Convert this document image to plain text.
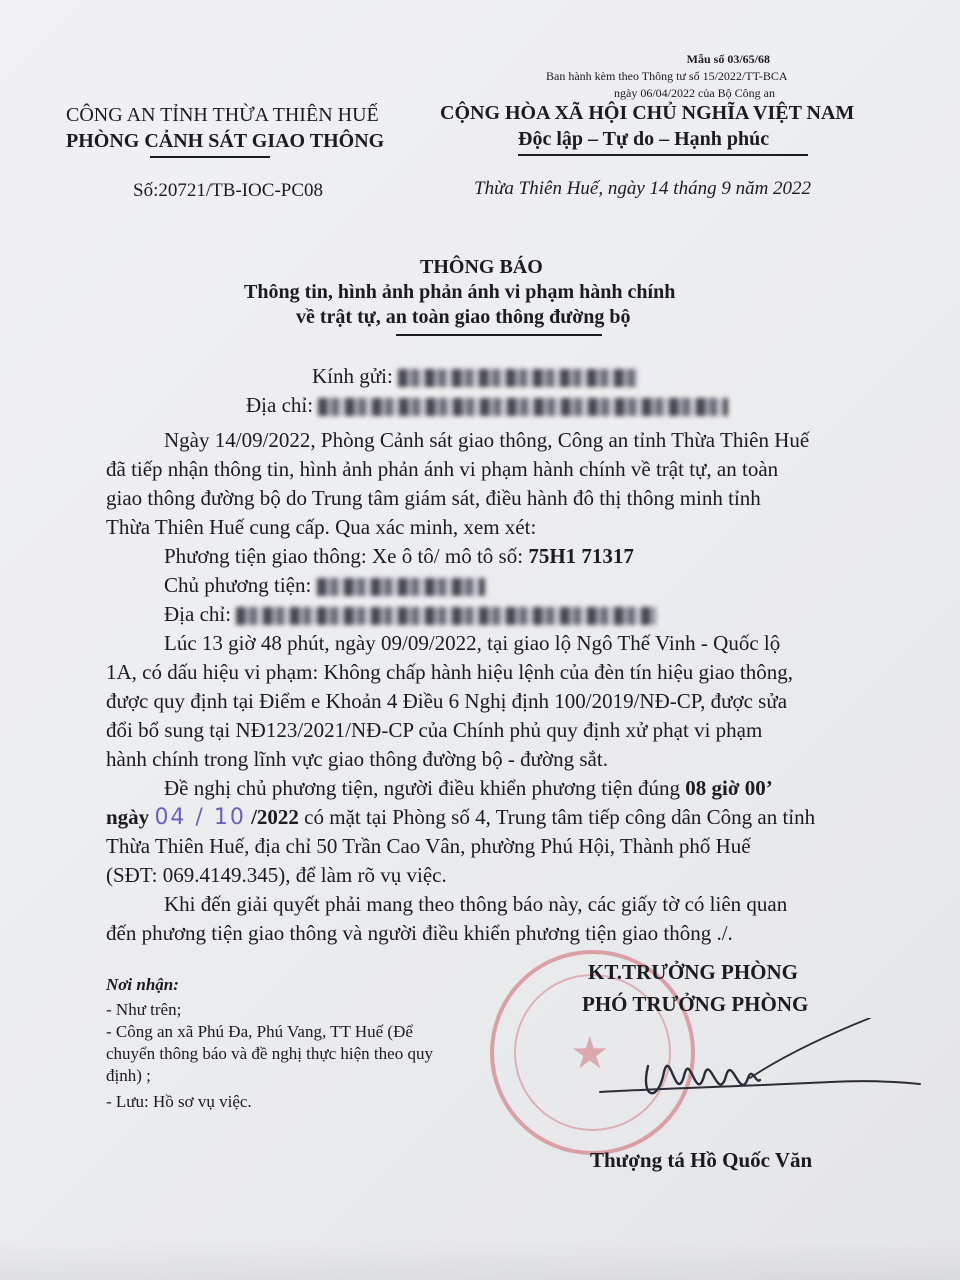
Mẫu số 03/65/68
Ban hành kèm theo Thông tư số 15/2022/TT-BCA
ngày 06/04/2022 của Bộ Công an
CÔNG AN TỈNH THỪA THIÊN HUẾ
PHÒNG CẢNH SÁT GIAO THÔNG
Số:20721/TB-IOC-PC08
CỘNG HÒA XÃ HỘI CHỦ NGHĨA VIỆT NAM
Độc lập – Tự do – Hạnh phúc
Thừa Thiên Huế, ngày 14 tháng 9 năm 2022
THÔNG BÁO
Thông tin, hình ảnh phản ánh vi phạm hành chính
về trật tự, an toàn giao thông đường bộ
Kính gửi:
Địa chỉ:
Ngày 14/09/2022, Phòng Cảnh sát giao thông, Công an tỉnh Thừa Thiên Huế
đã tiếp nhận thông tin, hình ảnh phản ánh vi phạm hành chính về trật tự, an toàn
giao thông đường bộ do Trung tâm giám sát, điều hành đô thị thông minh tỉnh
Thừa Thiên Huế cung cấp. Qua xác minh, xem xét:
Phương tiện giao thông: Xe ô tô/ mô tô số: 75H1 71317
Chủ phương tiện:
Địa chỉ:
Lúc 13 giờ 48 phút, ngày 09/09/2022, tại giao lộ Ngô Thế Vinh - Quốc lộ
1A, có dấu hiệu vi phạm: Không chấp hành hiệu lệnh của đèn tín hiệu giao thông,
được quy định tại Điểm e Khoản 4 Điều 6 Nghị định 100/2019/NĐ-CP, được sửa
đổi bổ sung tại NĐ123/2021/NĐ-CP của Chính phủ quy định xử phạt vi phạm
hành chính trong lĩnh vực giao thông đường bộ - đường sắt.
Đề nghị chủ phương tiện, người điều khiển phương tiện đúng 08 giờ 00’
ngày 04 / 10 /2022 có mặt tại Phòng số 4, Trung tâm tiếp công dân Công an tỉnh
Thừa Thiên Huế, địa chỉ 50 Trần Cao Vân, phường Phú Hội, Thành phố Huế
(SĐT: 069.4149.345), để làm rõ vụ việc.
Khi đến giải quyết phải mang theo thông báo này, các giấy tờ có liên quan
đến phương tiện giao thông và người điều khiển phương tiện giao thông ./.
★
Nơi nhận:
- Như trên;
- Công an xã Phú Đa, Phú Vang, TT Huế (Để
chuyển thông báo và đề nghị thực hiện theo quy
định) ;
- Lưu: Hồ sơ vụ việc.
KT.TRƯỞNG PHÒNG
PHÓ TRƯỞNG PHÒNG
Thượng tá Hồ Quốc Văn
